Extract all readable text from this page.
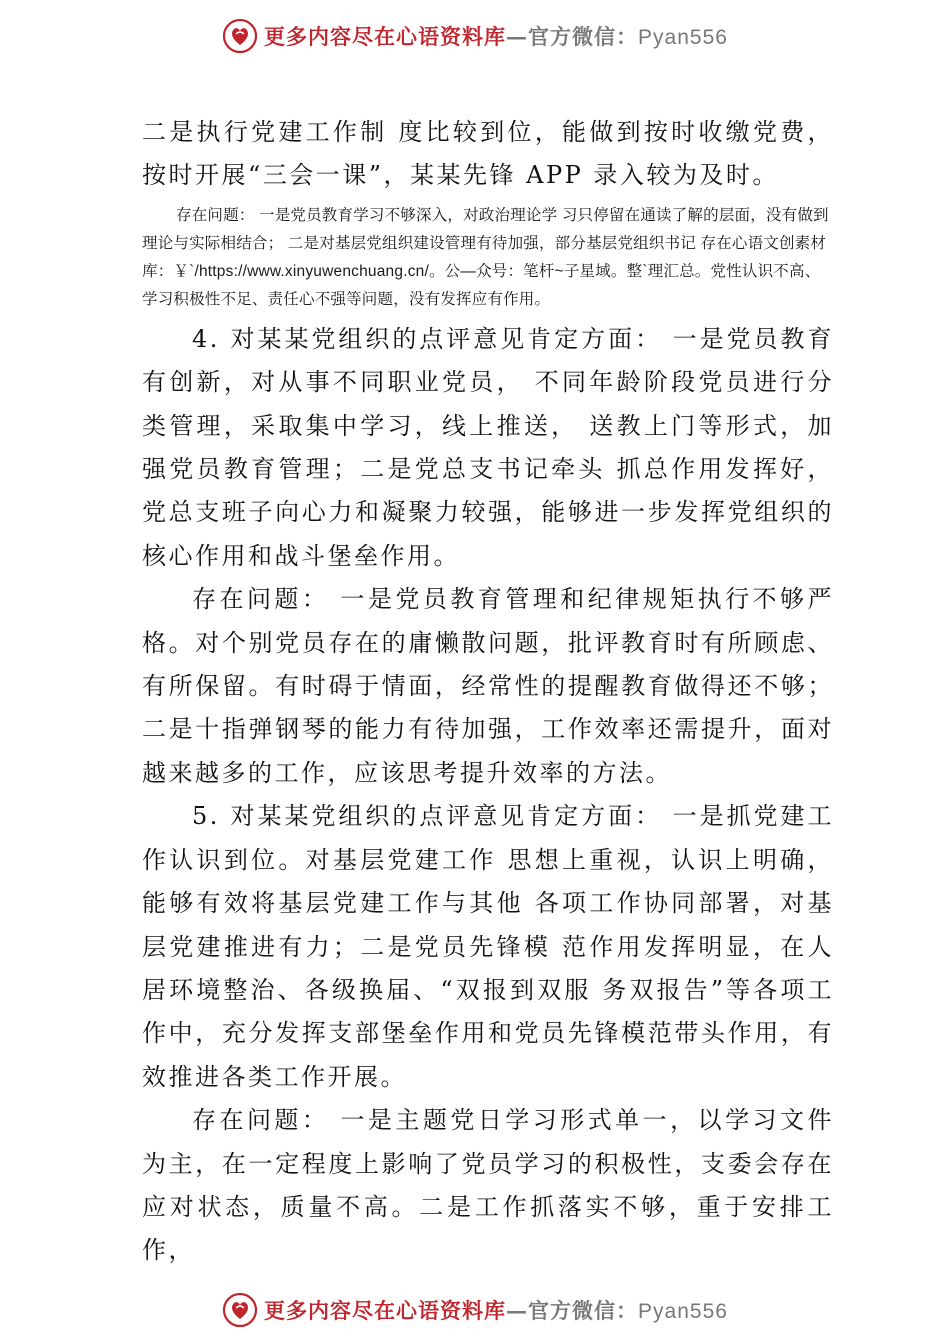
更多内容尽在心语资料库—官方微信：Pyan556

二是执行党建工作制 度比较到位，能做到按时收缴党费，按时开展“三会一课”，某某先锋 APP 录入较为及时。

存在问题： 一是党员教育学习不够深入，对政治理论学 习只停留在通读了解的层面，没有做到理论与实际相结合； 二是对基层党组织建设管理有待加强，部分基层党组织书记 存在心语文创素材库：￥`/https://www.xinyuwenchuang.cn/。公—众号：笔杆~子星域。整`理汇总。党性认识不高、学习积极性不足、责任心不强等问题，没有发挥应有作用。

4. 对某某党组织的点评意见肯定方面： 一是党员教育有创新，对从事不同职业党员， 不同年龄阶段党员进行分类管理，采取集中学习，线上推送， 送教上门等形式，加强党员教育管理；二是党总支书记牵头 抓总作用发挥好，党总支班子向心力和凝聚力较强，能够进一步发挥党组织的核心作用和战斗堡垒作用。

存在问题： 一是党员教育管理和纪律规矩执行不够严格。对个别党员存在的庸懒散问题，批评教育时有所顾虑、有所保留。有时碍于情面，经常性的提醒教育做得还不够；二是十指弹钢琴的能力有待加强，工作效率还需提升，面对越来越多的工作，应该思考提升效率的方法。

5. 对某某党组织的点评意见肯定方面： 一是抓党建工作认识到位。对基层党建工作 思想上重视，认识上明确，能够有效将基层党建工作与其他 各项工作协同部署，对基层党建推进有力；二是党员先锋模 范作用发挥明显，在人居环境整治、各级换届、“双报到双服 务双报告”等各项工作中，充分发挥支部堡垒作用和党员先锋模范带头作用，有效推进各类工作开展。

存在问题： 一是主题党日学习形式单一，以学习文件为主，在一定程度上影响了党员学习的积极性，支委会存在应对状态，质量不高。二是工作抓落实不够，重于安排工作，

更多内容尽在心语资料库—官方微信：Pyan556
